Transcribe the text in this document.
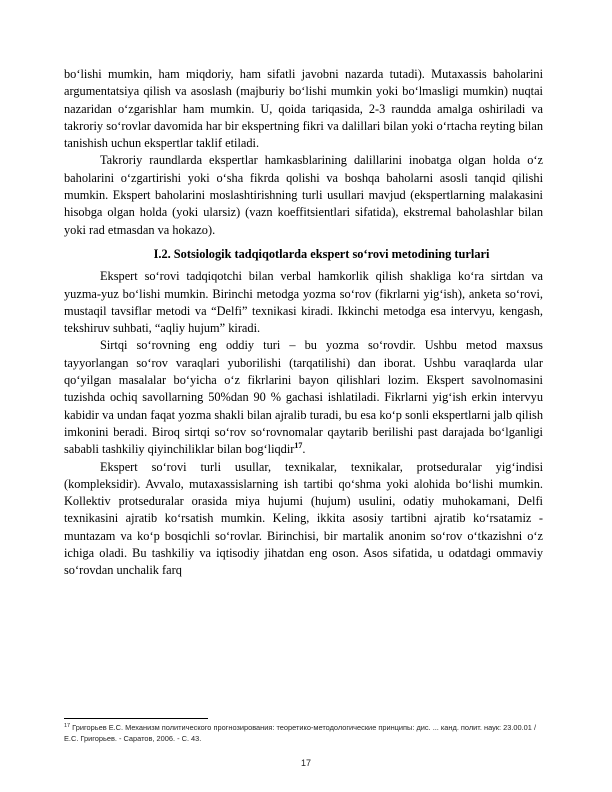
bo‘lishi mumkin, ham miqdoriy, ham sifatli javobni nazarda tutadi). Mutaxassis baholarini argumentatsiya qilish va asoslash (majburiy bo‘lishi mumkin yoki bo‘lmasligi mumkin) nuqtai nazaridan o‘zgarishlar ham mumkin. U, qoida tariqasida, 2-3 raundda amalga oshiriladi va takroriy so‘rovlar davomida har bir ekspertning fikri va dalillari bilan yoki o‘rtacha reyting bilan tanishish uchun ekspertlar taklif etiladi.

Takroriy raundlarda ekspertlar hamkasblarining dalillarini inobatga olgan holda o‘z baholarini o‘zgartirishi yoki o‘sha fikrda qolishi va boshqa baholarni asosli tanqid qilishi mumkin. Ekspert baholarini moslashtirishning turli usullari mavjud (ekspertlarning malakasini hisobga olgan holda (yoki ularsiz) (vazn koeffitsientlari sifatida), ekstremal baholashlar bilan yoki rad etmasdan va hokazo).

I.2. Sotsiologik tadqiqotlarda ekspert so‘rovi metodining turlari

Ekspert so‘rovi tadqiqotchi bilan verbal hamkorlik qilish shakliga ko‘ra sirtdan va yuzma-yuz bo‘lishi mumkin. Birinchi metodga yozma so‘rov (fikrlarni yig‘ish), anketa so‘rovi, mustaqil tavsiflar metodi va “Delfi” texnikasi kiradi. Ikkinchi metodga esa intervyu, kengash, tekshiruv suhbati, “aqliy hujum” kiradi.

Sirtqi so‘rovning eng oddiy turi – bu yozma so‘rovdir. Ushbu metod maxsus tayyorlangan so‘rov varaqlari yuborilishi (tarqatilishi) dan iborat. Ushbu varaqlarda ular qo‘yilgan masalalar bo‘yicha o‘z fikrlarini bayon qilishlari lozim. Ekspert savolnomasini tuzishda ochiq savollarning 50%dan 90 % gachasi ishlatiladi. Fikrlarni yig‘ish erkin intervyu kabidir va undan faqat yozma shakli bilan ajralib turadi, bu esa ko‘p sonli ekspertlarni jalb qilish imkonini beradi. Biroq sirtqi so‘rov so‘rovnomalar qaytarib berilishi past darajada bo‘lganligi sababli tashkiliy qiyinchiliklar bilan bog‘liqdir$^{17}$.

Ekspert so‘rovi turli usullar, texnikalar, texnikalar, protseduralar yig‘indisi (kompleksidir). Avvalo, mutaxassislarning ish tartibi qo‘shma yoki alohida bo‘lishi mumkin. Kollektiv protseduralar orasida miya hujumi (hujum) usulini, odatiy muhokamani, Delfi texnikasini ajratib ko‘rsatish mumkin. Keling, ikkita asosiy tartibni ajratib ko‘rsatamiz - muntazam va ko‘p bosqichli so‘rovlar. Birinchisi, bir martalik anonim so‘rov o‘tkazishni o‘z ichiga oladi. Bu tashkiliy va iqtisodiy jihatdan eng oson. Asos sifatida, u odatdagi ommaviy so‘rovdan unchalik farq

$^{17}$ Григорьев Е.С. Механизм политического прогнозирования: теоретико-методологические принципы: дис. ... канд. полит. наук: 23.00.01 / Е.С. Григорьев. - Саратов, 2006. - С. 43.
17
